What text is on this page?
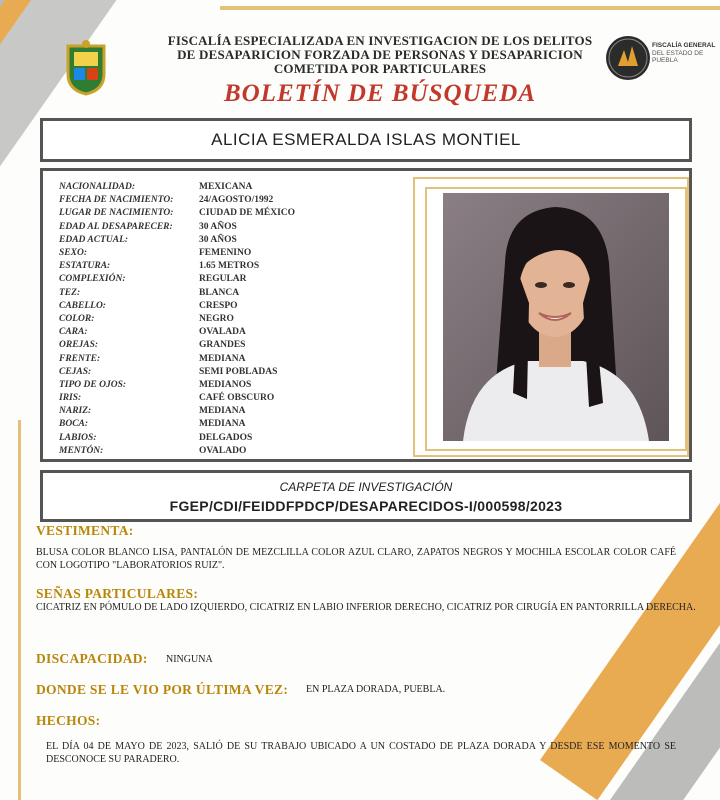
FISCALÍA ESPECIALIZADA EN INVESTIGACION DE LOS DELITOS DE DESAPARICION FORZADA DE PERSONAS Y DESAPARICION COMETIDA POR PARTICULARES
BOLETÍN DE BÚSQUEDA
FISCALÍA GENERAL
DEL ESTADO DE
PUEBLA
ALICIA ESMERALDA ISLAS MONTIEL
NACIONALIDAD:	MEXICANA
FECHA DE NACIMIENTO:	24/AGOSTO/1992
LUGAR DE NACIMIENTO:	CIUDAD DE MÉXICO
EDAD AL DESAPARECER:	30 AÑOS
EDAD ACTUAL:	30 AÑOS
SEXO:	FEMENINO
ESTATURA:	1.65 METROS
COMPLEXIÓN:	REGULAR
TEZ:	BLANCA
CABELLO:	CRESPO
COLOR:	NEGRO
CARA:	OVALADA
OREJAS:	GRANDES
FRENTE:	MEDIANA
CEJAS:	SEMI POBLADAS
TIPO DE OJOS:	MEDIANOS
IRIS:	CAFÉ OBSCURO
NARIZ:	MEDIANA
BOCA:	MEDIANA
LABIOS:	DELGADOS
MENTÓN:	OVALADO
CARPETA DE INVESTIGACIÓN
FGEP/CDI/FEIDDFPDCP/DESAPARECIDOS-I/000598/2023
VESTIMENTA:
BLUSA COLOR BLANCO LISA, PANTALÓN DE MEZCLILLA COLOR AZUL CLARO, ZAPATOS NEGROS Y MOCHILA ESCOLAR COLOR CAFÉ CON LOGOTIPO "LABORATORIOS RUIZ".
SEÑAS PARTICULARES:
CICATRIZ EN PÓMULO DE LADO IZQUIERDO, CICATRIZ EN LABIO INFERIOR DERECHO, CICATRIZ POR CIRUGÍA EN PANTORRILLA DERECHA.
DISCAPACIDAD: NINGUNA
DONDE SE LE VIO POR ÚLTIMA VEZ: EN PLAZA DORADA, PUEBLA.
HECHOS:
EL DÍA 04 DE MAYO DE 2023, SALIÓ DE SU TRABAJO UBICADO A UN COSTADO DE PLAZA DORADA Y DESDE ESE MOMENTO SE DESCONOCE SU PARADERO.
